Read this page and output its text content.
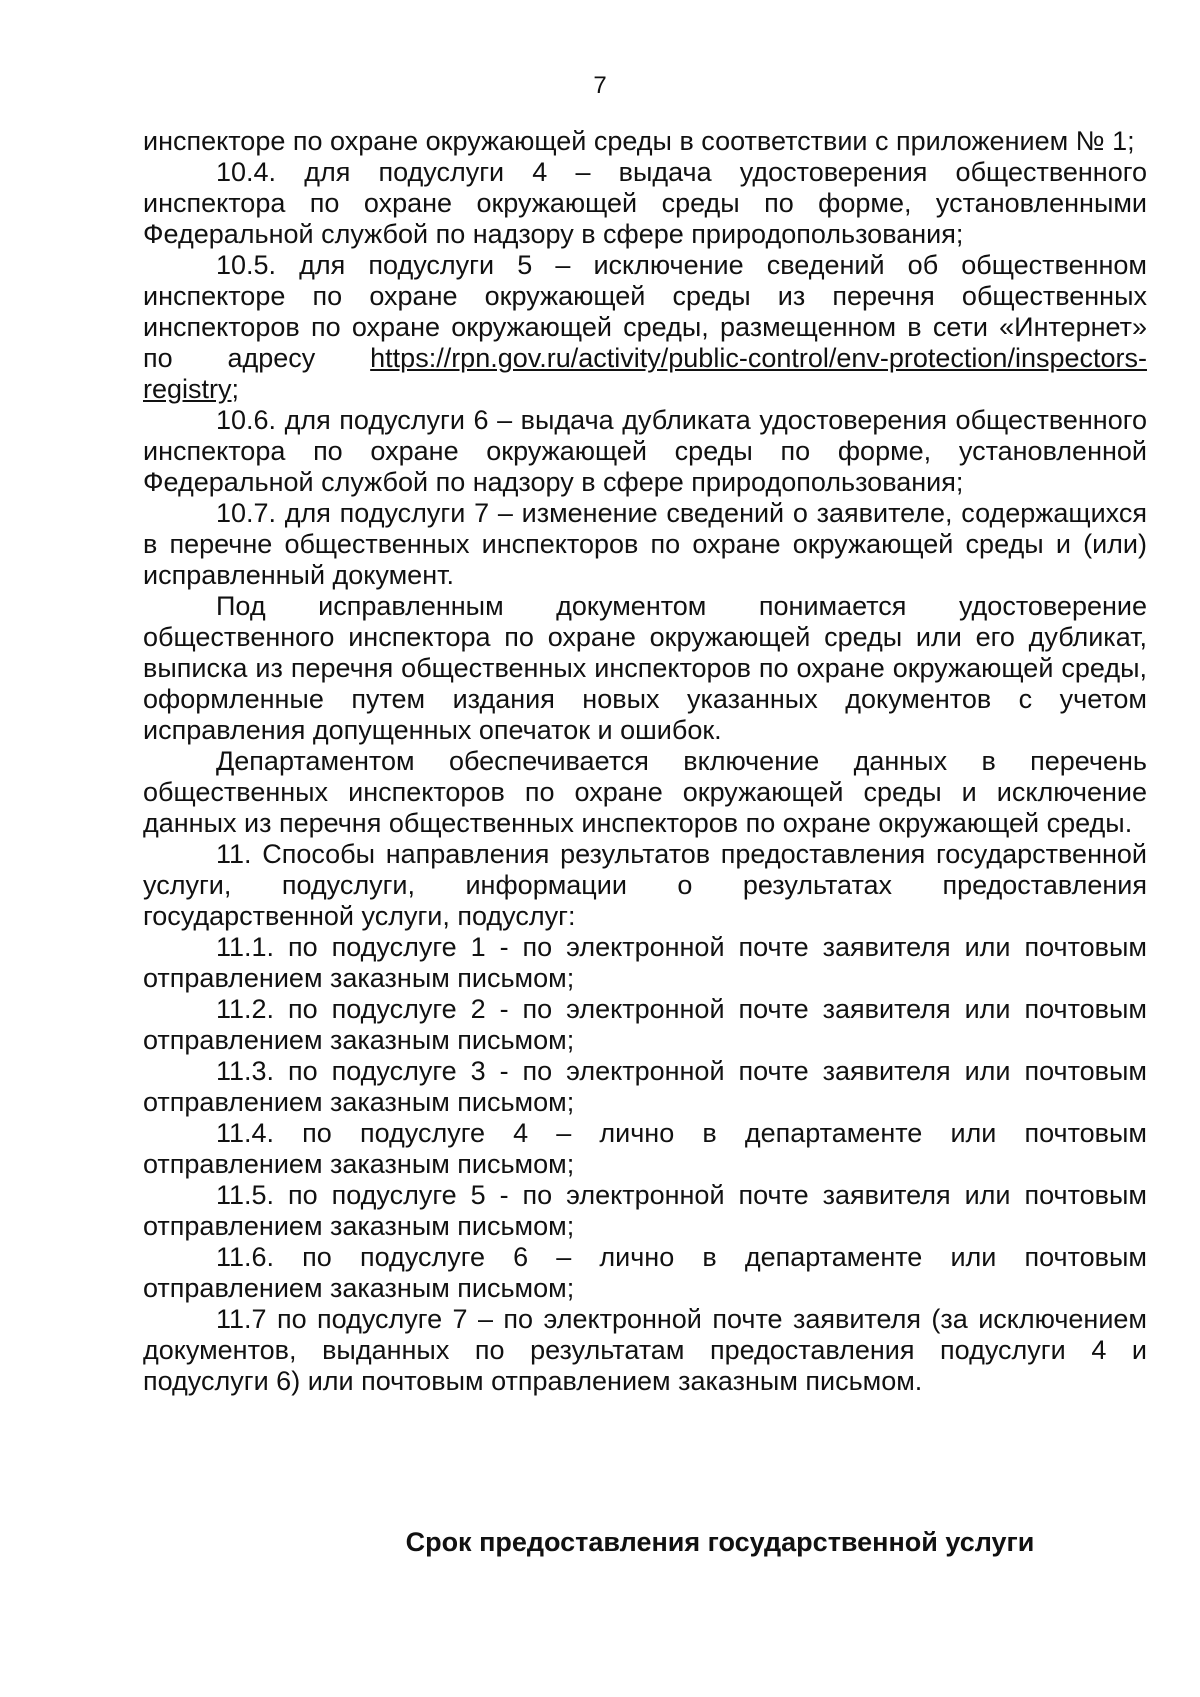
7

инспекторе по охране окружающей среды в соответствии с приложением № 1;

10.4. для подуслуги 4 – выдача удостоверения общественного инспектора по охране окружающей среды по форме, установленными Федеральной службой по надзору в сфере природопользования;

10.5. для подуслуги 5 – исключение сведений об общественном инспекторе по охране окружающей среды из перечня общественных инспекторов по охране окружающей среды, размещенном в сети «Интернет» по адресу https://rpn.gov.ru/activity/public-control/env-protection/inspectors-registry;

10.6. для подуслуги 6 – выдача дубликата удостоверения общественного инспектора по охране окружающей среды по форме, установленной Федеральной службой по надзору в сфере природопользования;

10.7. для подуслуги 7 – изменение сведений о заявителе, содержащихся в перечне общественных инспекторов по охране окружающей среды и (или) исправленный документ.

Под исправленным документом понимается удостоверение общественного инспектора по охране окружающей среды или его дубликат, выписка из перечня общественных инспекторов по охране окружающей среды, оформленные путем издания новых указанных документов с учетом исправления допущенных опечаток и ошибок.

Департаментом обеспечивается включение данных в перечень общественных инспекторов по охране окружающей среды и исключение данных из перечня общественных инспекторов по охране окружающей среды.

11. Способы направления результатов предоставления государственной услуги, подуслуги, информации о результатах предоставления государственной услуги, подуслуг:

11.1. по подуслуге 1 - по электронной почте заявителя или почтовым отправлением заказным письмом;

11.2. по подуслуге 2 - по электронной почте заявителя или почтовым отправлением заказным письмом;

11.3. по подуслуге 3 - по электронной почте заявителя или почтовым отправлением заказным письмом;

11.4. по подуслуге 4 – лично в департаменте или почтовым отправлением заказным письмом;

11.5. по подуслуге 5 - по электронной почте заявителя или почтовым отправлением заказным письмом;

11.6. по подуслуге 6 – лично в департаменте или почтовым отправлением заказным письмом;

11.7 по подуслуге 7 – по электронной почте заявителя (за исключением документов, выданных по результатам предоставления подуслуги 4 и подуслуги 6) или почтовым отправлением заказным письмом.

Срок предоставления государственной услуги
